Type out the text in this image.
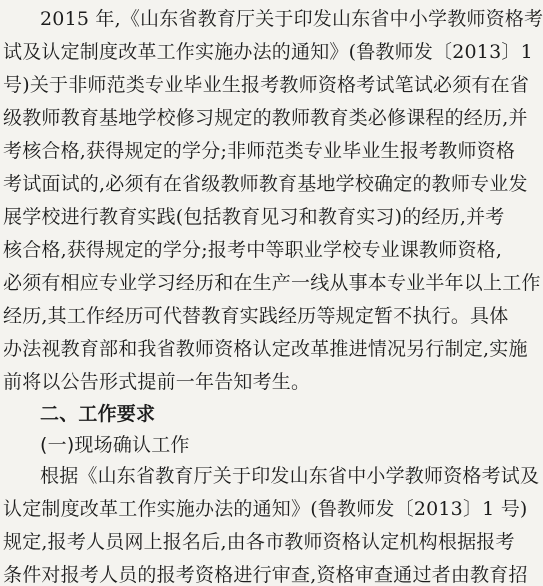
2015 年,《山东省教育厅关于印发山东省中小学教师资格考
试及认定制度改革工作实施办法的通知》(鲁教师发〔2013〕1
号)关于非师范类专业毕业生报考教师资格考试笔试必须有在省
级教师教育基地学校修习规定的教师教育类必修课程的经历,并
考核合格,获得规定的学分;非师范类专业毕业生报考教师资格
考试面试的,必须有在省级教师教育基地学校确定的教师专业发
展学校进行教育实践(包括教育见习和教育实习)的经历,并考
核合格,获得规定的学分;报考中等职业学校专业课教师资格,
必须有相应专业学习经历和在生产一线从事本专业半年以上工作
经历,其工作经历可代替教育实践经历等规定暂不执行。具体
办法视教育部和我省教师资格认定改革推进情况另行制定,实施
前将以公告形式提前一年告知考生。
二、工作要求
(一)现场确认工作
根据《山东省教育厅关于印发山东省中小学教师资格考试及
认定制度改革工作实施办法的通知》(鲁教师发〔2013〕1 号)
规定,报考人员网上报名后,由各市教师资格认定机构根据报考
条件对报考人员的报考资格进行审查,资格审查通过者由教育招
